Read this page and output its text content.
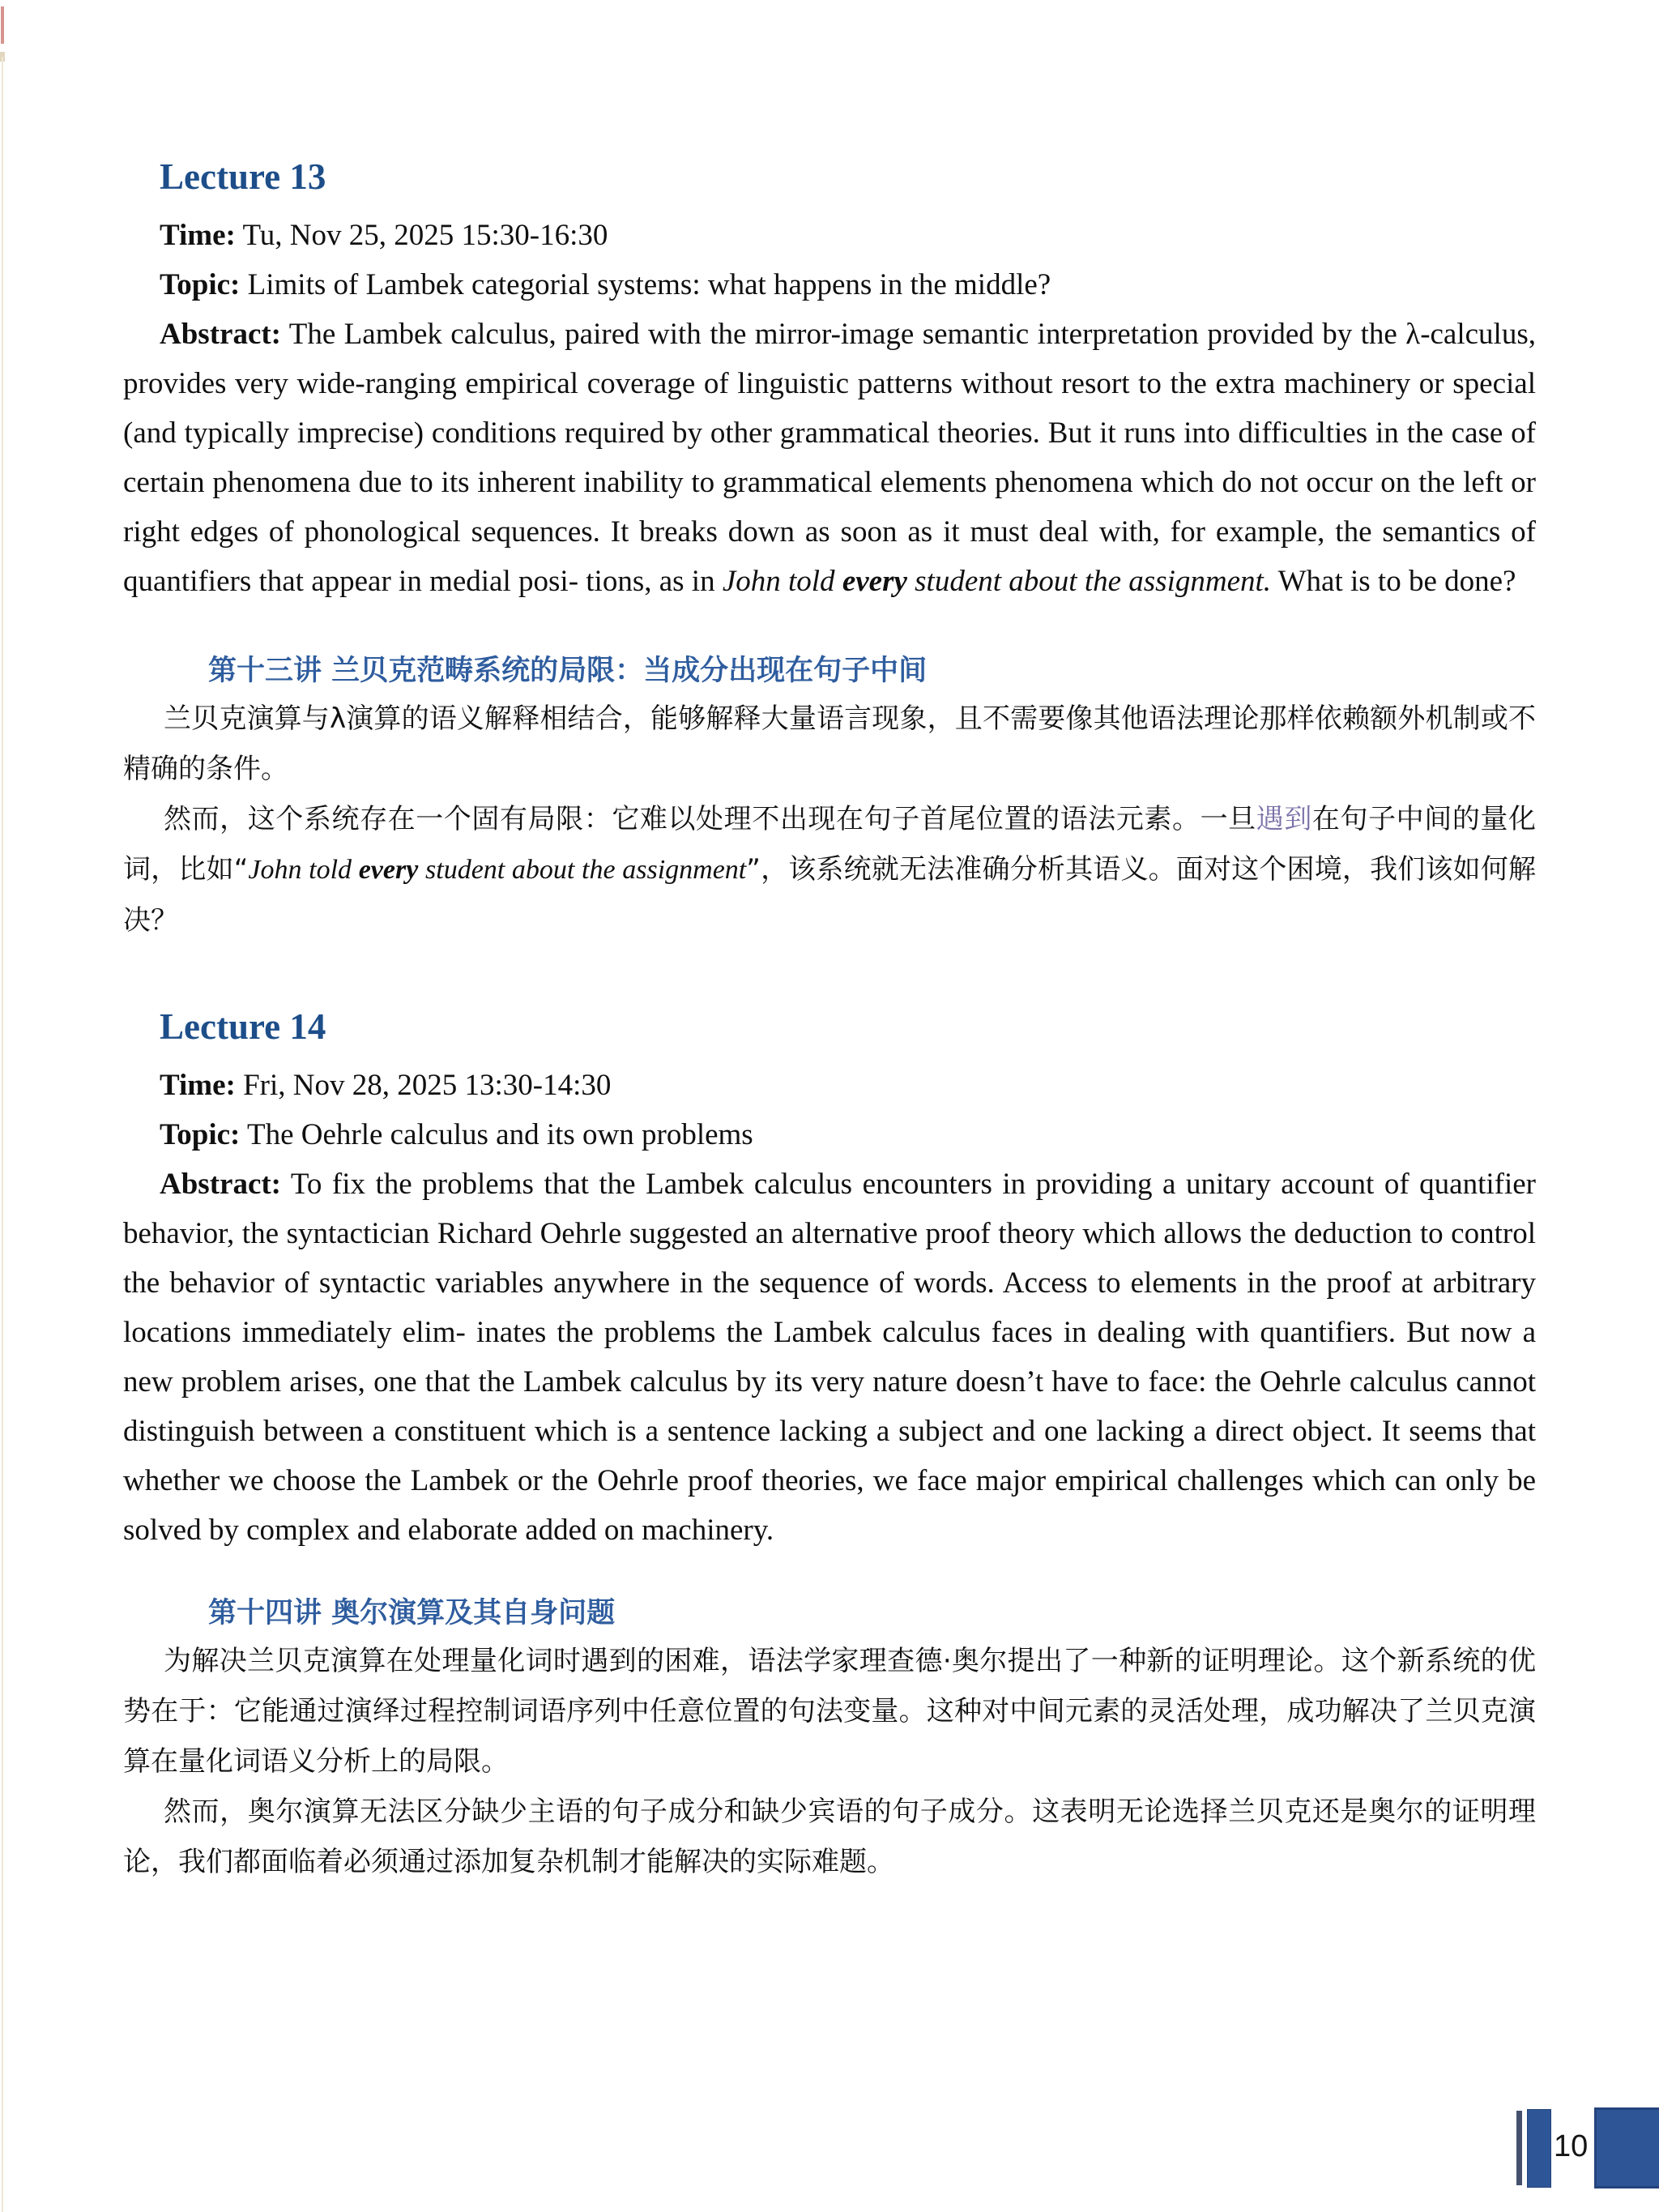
Lecture 13

Time: Tu, Nov 25, 2025 15:30-16:30

Topic: Limits of Lambek categorial systems: what happens in the middle?

Abstract: The Lambek calculus, paired with the mirror-image semantic interpretation provided by the λ-calculus, provides very wide-ranging empirical coverage of linguistic patterns without resort to the extra machinery or special (and typically imprecise) conditions required by other grammatical theories. But it runs into difficulties in the case of certain phenomena due to its inherent inability to grammatical elements phenomena which do not occur on the left or right edges of phonological sequences. It breaks down as soon as it must deal with, for example, the semantics of quantifiers that appear in medial posi- tions, as in John told every student about the assignment. What is to be done?

第十三讲 兰贝克范畴系统的局限：当成分出现在句子中间

兰贝克演算与λ演算的语义解释相结合，能够解释大量语言现象，且不需要像其他语法理论那样依赖额外机制或不精确的条件。

然而，这个系统存在一个固有局限：它难以处理不出现在句子首尾位置的语法元素。一旦遇到在句子中间的量化词，比如“John told every student about the assignment”，该系统就无法准确分析其语义。面对这个困境，我们该如何解决？

Lecture 14

Time: Fri, Nov 28, 2025 13:30-14:30

Topic: The Oehrle calculus and its own problems

Abstract: To fix the problems that the Lambek calculus encounters in providing a unitary account of quantifier behavior, the syntactician Richard Oehrle suggested an alternative proof theory which allows the deduction to control the behavior of syntactic variables anywhere in the sequence of words. Access to elements in the proof at arbitrary locations immediately elim- inates the problems the Lambek calculus faces in dealing with quantifiers. But now a new problem arises, one that the Lambek calculus by its very nature doesn’t have to face: the Oehrle calculus cannot distinguish between a constituent which is a sentence lacking a subject and one lacking a direct object. It seems that whether we choose the Lambek or the Oehrle proof theories, we face major empirical challenges which can only be solved by complex and elaborate added on machinery.

第十四讲 奥尔演算及其自身问题

为解决兰贝克演算在处理量化词时遇到的困难，语法学家理查德·奥尔提出了一种新的证明理论。这个新系统的优势在于：它能通过演绎过程控制词语序列中任意位置的句法变量。这种对中间元素的灵活处理，成功解决了兰贝克演算在量化词语义分析上的局限。

然而，奥尔演算无法区分缺少主语的句子成分和缺少宾语的句子成分。这表明无论选择兰贝克还是奥尔的证明理论，我们都面临着必须通过添加复杂机制才能解决的实际难题。

10
